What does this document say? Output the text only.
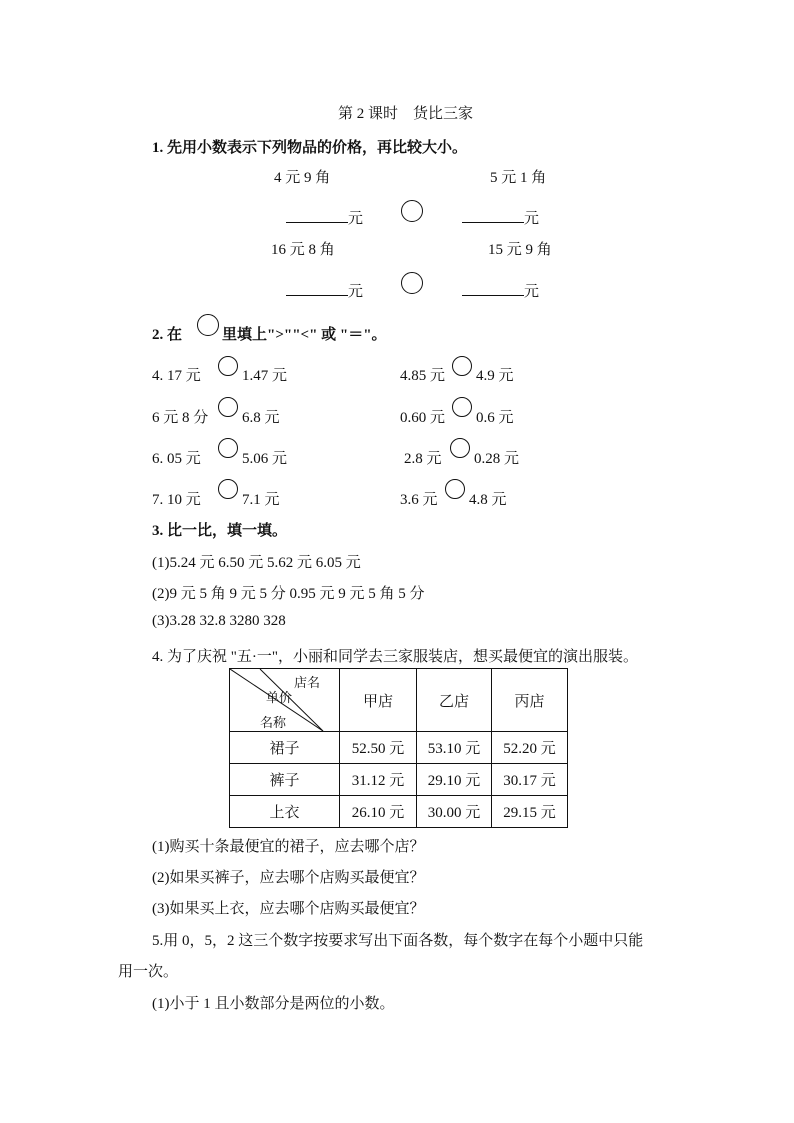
第 2 课时　货比三家
1. 先用小数表示下列物品的价格，再比较大小。
4 元 9 角	5 元 1 角
元	元
16 元 8 角	15 元 9 角
元	元
2. 在	里填上">""<" 或 "＝"。
4. 17 元	1.47 元	4.85 元 4.9 元
6 元 8 分 6.8 元	0.60 元 0.6 元
6. 05 元	5.06 元	2.8 元 0.28 元
7. 10 元	7.1 元	3.6 元 4.8 元
3. 比一比，填一填。
(1)5.24 元 6.50 元 5.62 元 6.05 元
(2)9 元 5 角 9 元 5 分 0.95 元 9 元 5 角 5 分
(3)3.28 32.8 3280 328
4. 为了庆祝 "五·一"，小丽和同学去三家服装店，想买最便宜的演出服装。
店名
单价
名称	甲店	乙店	丙店
裙子	52.50 元	53.10 元	52.20 元
裤子	31.12 元	29.10 元	30.17 元
上衣	26.10 元	30.00 元	29.15 元
(1)购买十条最便宜的裙子，应去哪个店？
(2)如果买裤子，应去哪个店购买最便宜？
(3)如果买上衣，应去哪个店购买最便宜？
5.用 0，5，2 这三个数字按要求写出下面各数，每个数字在每个小题中只能
用一次。
(1)小于 1 且小数部分是两位的小数。
